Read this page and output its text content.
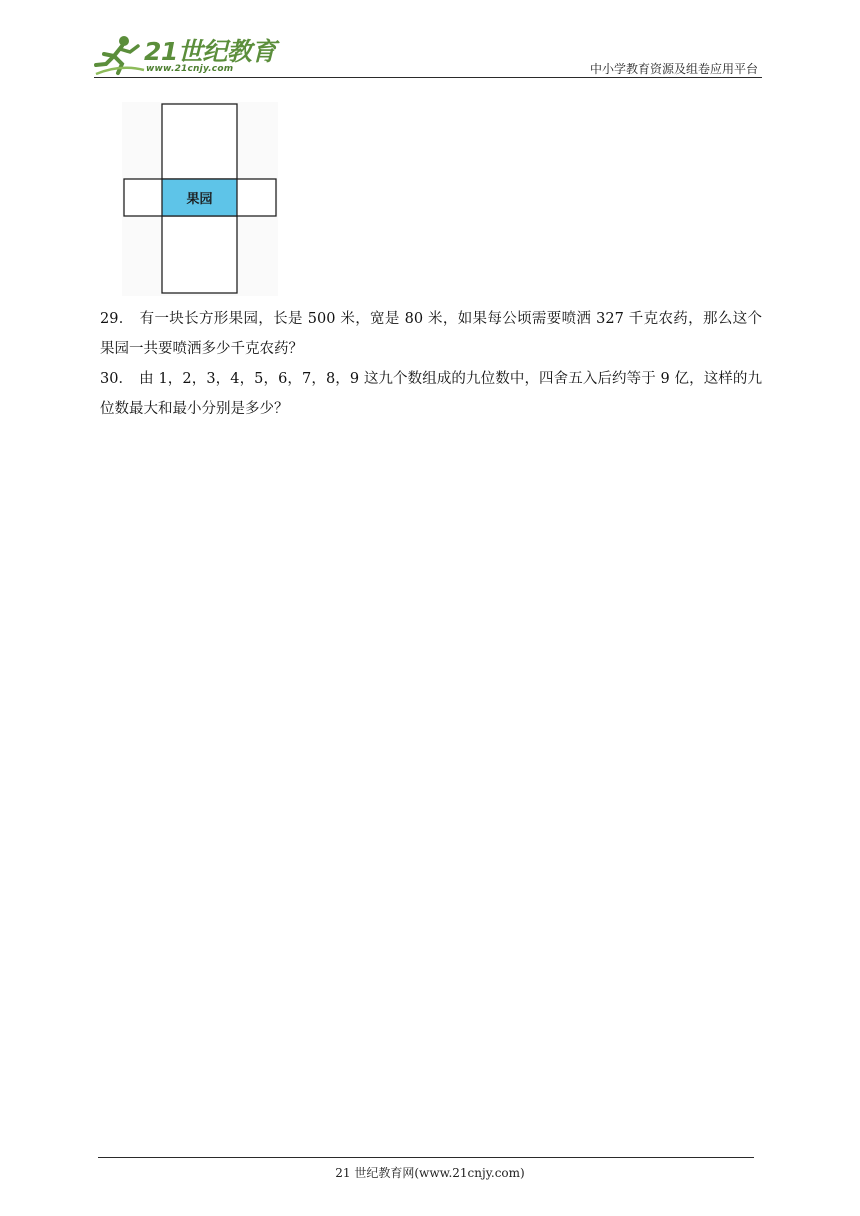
21世纪教育
www.21cnjy.com	中小学教育资源及组卷应用平台
果园

29． 有一块长方形果园，长是 500 米，宽是 80 米，如果每公顷需要喷洒 327 千克农药，那么这个果园一共要喷洒多少千克农药？

30． 由 1，2，3，4，5，6，7，8，9 这九个数组成的九位数中，四舍五入后约等于 9 亿，这样的九位数最大和最小分别是多少？

21 世纪教育网(www.21cnjy.com)
